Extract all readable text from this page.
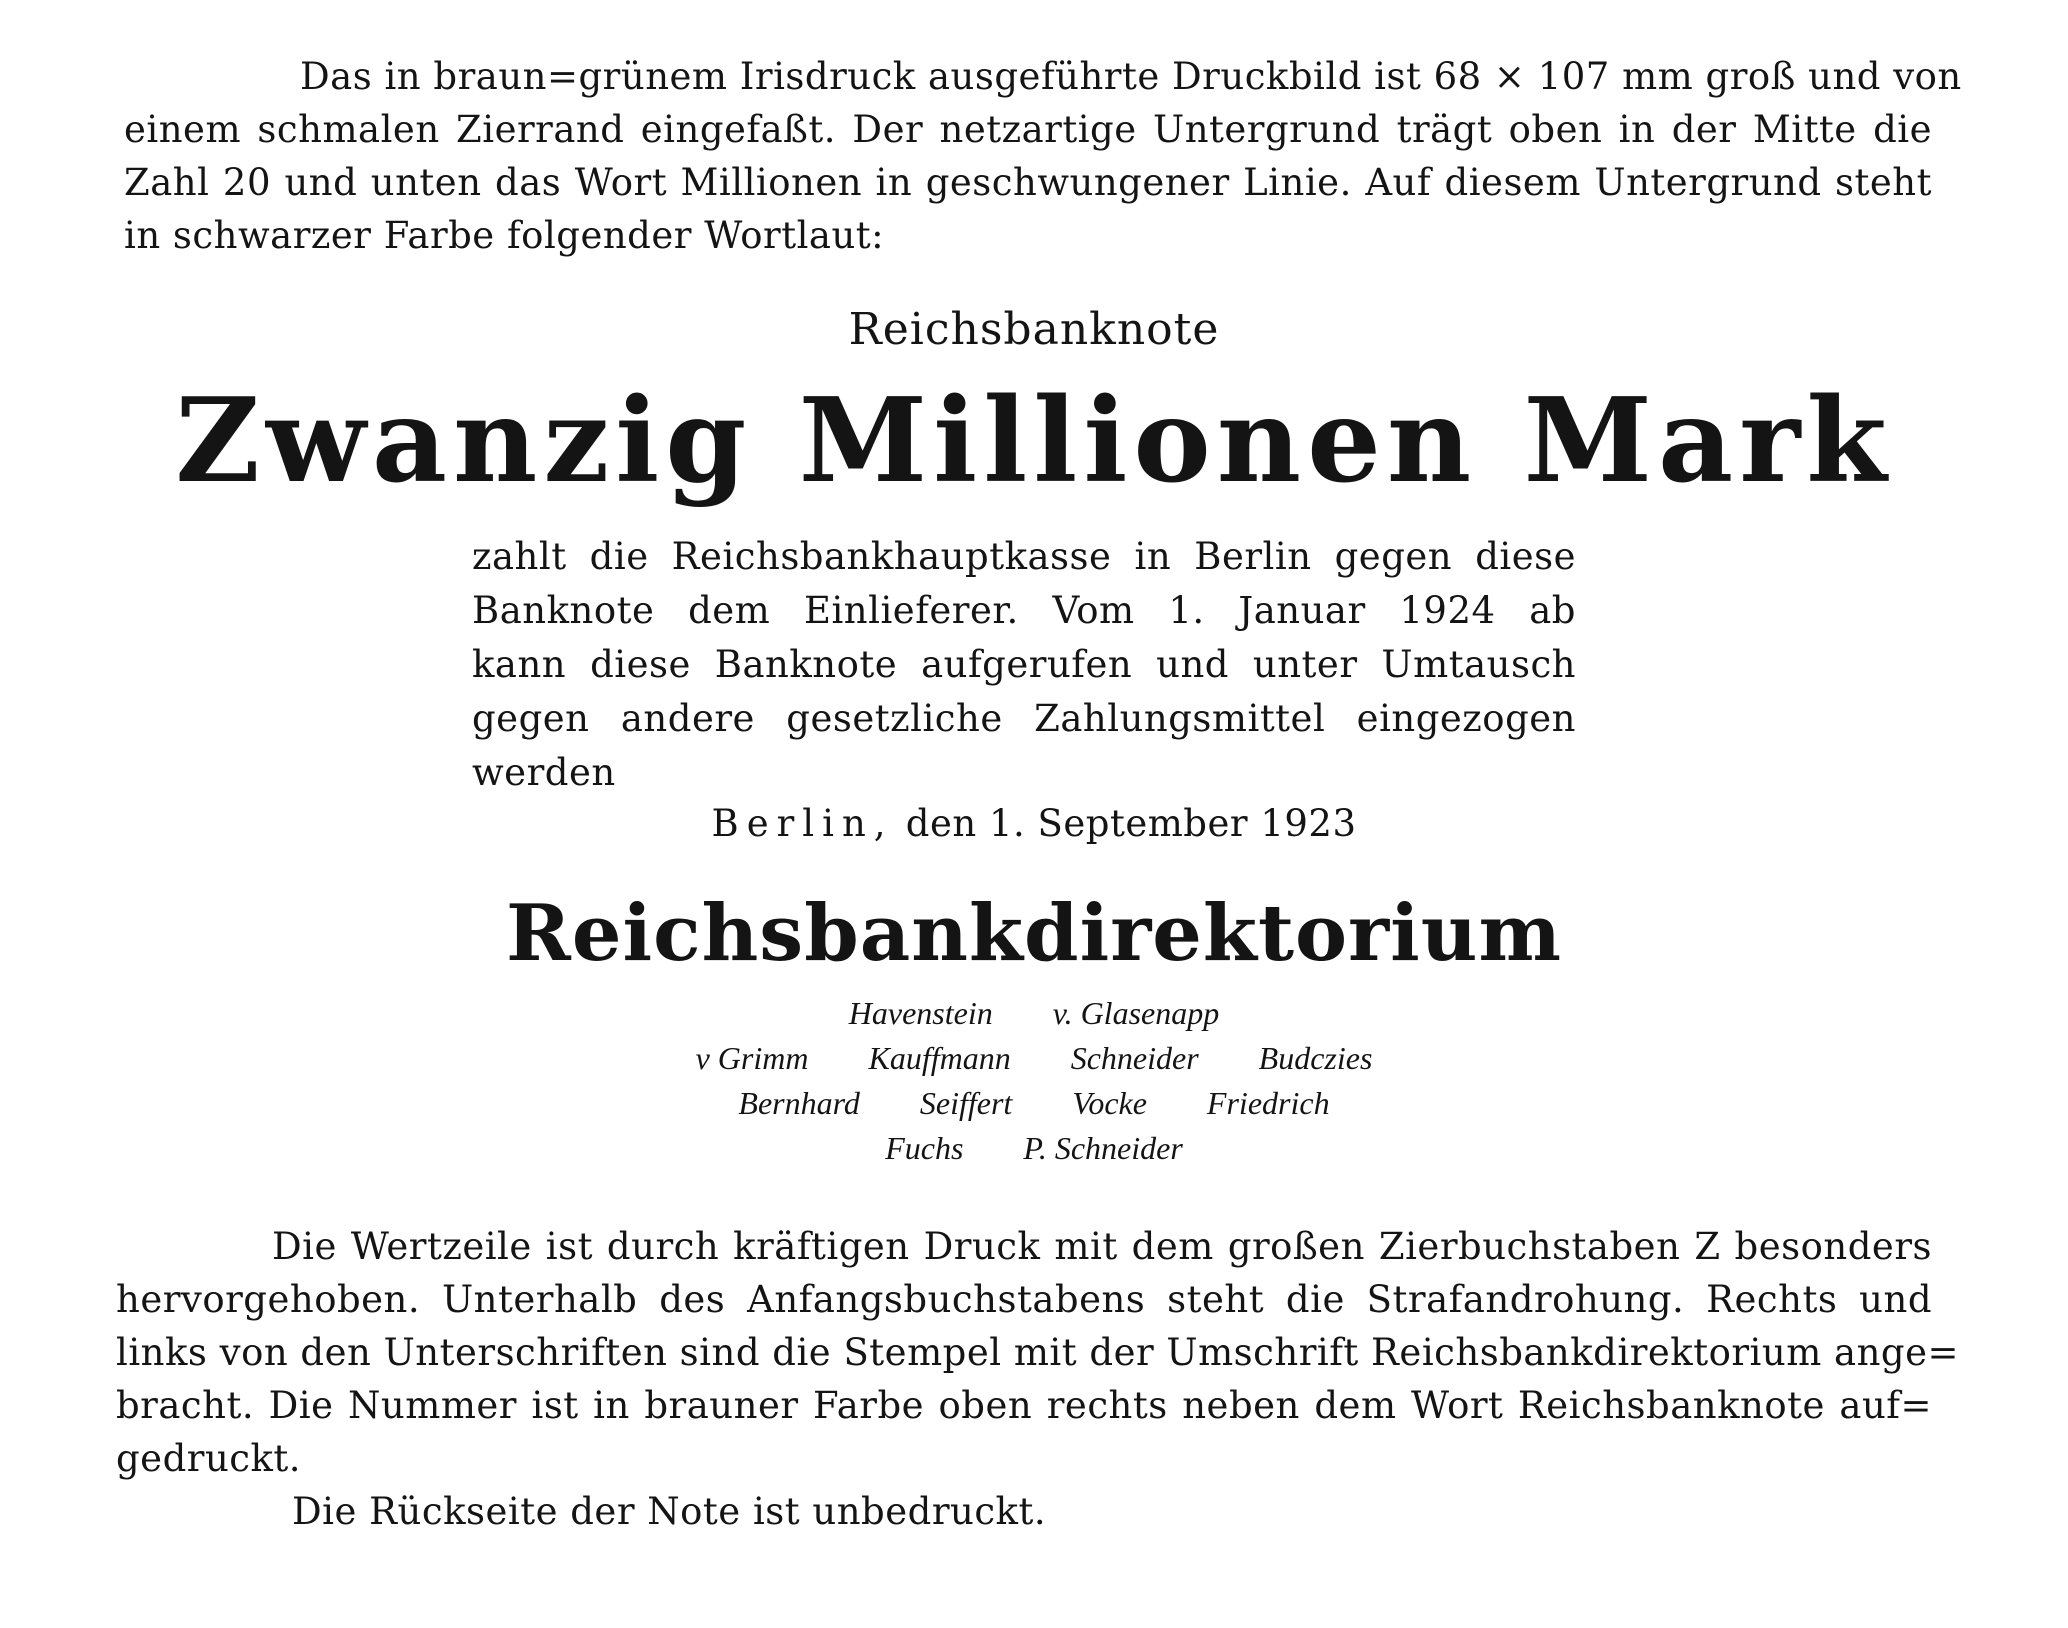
Das in braun=grünem Irisdruck ausgeführte Druckbild ist 68 × 107 mm groß und von
einem schmalen Zierrand eingefaßt. Der netzartige Untergrund trägt oben in der Mitte die
Zahl 20 und unten das Wort Millionen in geschwungener Linie. Auf diesem Untergrund steht
in schwarzer Farbe folgender Wortlaut:

Reichsbanknote
Zwanzig Millionen Mark

zahlt die Reichsbankhauptkasse in Berlin gegen diese
Banknote dem Einlieferer. Vom 1. Januar 1924 ab
kann diese Banknote aufgerufen und unter Umtausch
gegen andere gesetzliche Zahlungsmittel eingezogen
werden

Berlin, den 1. September 1923
Reichsbankdirektorium
Havenstein v. Glasenapp
v Grimm Kauffmann Schneider Budczies
Bernhard Seiffert Vocke Friedrich
Fuchs P. Schneider

Die Wertzeile ist durch kräftigen Druck mit dem großen Zierbuchstaben Z besonders
hervorgehoben. Unterhalb des Anfangsbuchstabens steht die Strafandrohung. Rechts und
links von den Unterschriften sind die Stempel mit der Umschrift Reichsbankdirektorium ange=
bracht. Die Nummer ist in brauner Farbe oben rechts neben dem Wort Reichsbanknote auf=
gedruckt.

Die Rückseite der Note ist unbedruckt.
